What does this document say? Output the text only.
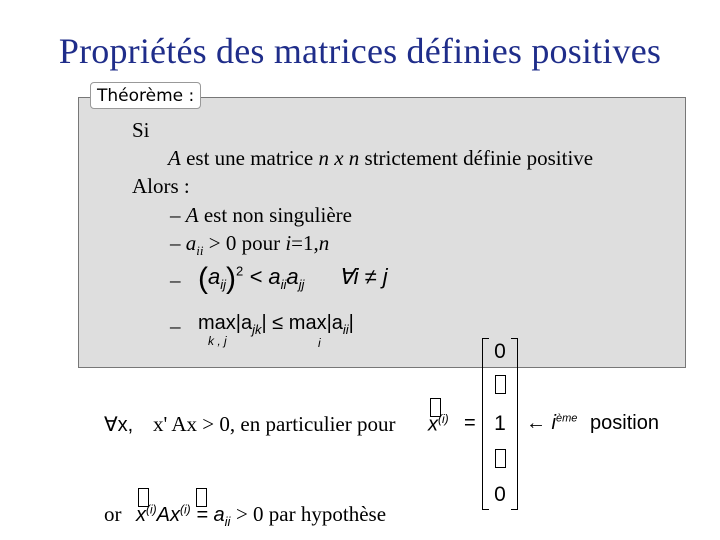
Propriétés des matrices définies positives
Théorème :
Si
A est une matrice n x n strictement définie positive
Alors :
– A est non singulière
– $a_{ii} > 0$ pour i=1,n
– $(a_{ij})^2 < a_{ii}a_{jj}$ ∀i ≠ j
– $\max|a_{jk}| \le \max|a_{ii}|$
k , j	i
∀x, x' Ax > 0, en particulier pour $x^{(i)}$ =
0
1
0
← $i^{ème}$ position
or $x^{(i)}Ax^{(i)} = a_{ii} > 0$ par hypothèse
